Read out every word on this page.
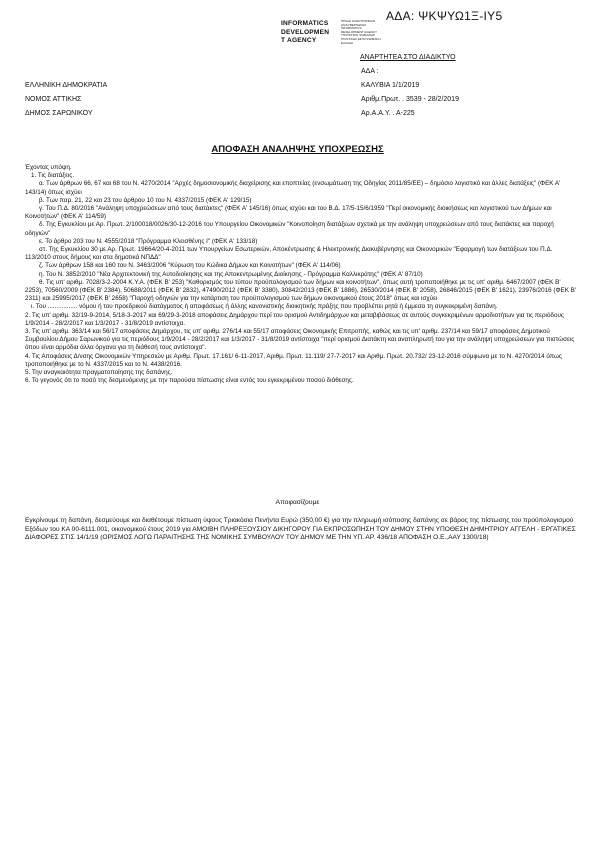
ΑΔΑ: ΨΚΨΥΩ1Ξ-ΙΥ5
INFORMATICS
DEVELOPMEN
T AGENCY
ΠΡΑΞΗ ΗΛΕΚΤΡΟΝΙΚΗΣ ΔΙΑΚΥΒΕΡΝΗΣΗΣ INFORMATICS DEVELOPMENT AGENCY ΥΠΟΥΡΓΕΙΟ ΨΗΦΙΑΚΗΣ ΠΟΛΙΤΙΚΗΣ ΕΣΠΑ ΨΗΦΙΑΚΗ ΕΛΛΑΔΑ
ΑΝΑΡΤΗΤΕΑ ΣΤΟ ΔΙΑΔΙΚΤΥΟ
ΕΛΛΗΝΙΚΗ ΔΗΜΟΚΡΑΤΙΑ
ΝΟΜΟΣ ΑΤΤΙΚΗΣ
ΔΗΜΟΣ ΣΑΡΩΝΙΚΟΥ
ΑΔΑ :
ΚΑΛΥΒΙΑ 1/1/2019
Αριθμ.Πρωτ. . 3539 - 28/2/2019
Αρ.Α.Α.Υ. . Α-225
ΑΠΟΦΑΣΗ ΑΝΑΛΗΨΗΣ ΥΠΟΧΡΕΩΣΗΣ

Έχοντας υπόψη.

1. Τις διατάξεις.

α. Των άρθρων 66, 67 και 68 του Ν. 4270/2014 "Αρχές δημοσιονομικής διαχείρισης και εποπτείας (ενσωμάτωση της Οδηγίας 2011/85/ΕΕ) – δημόσιο λογιστικό και άλλες διατάξεις" (ΦΕΚ Α' 143/14) όπως ισχύει

β. Των παρ. 21, 22 και 23 του άρθρου 10 του Ν. 4337/2015 (ΦΕΚ Α' 129/15)

γ. Του Π.Δ. 80/2016 "Ανάληψη υποχρεώσεων από τους διατάκτες" (ΦΕΚ Α' 145/16) όπως ισχύει και του Β.Δ. 17/5-15/6/1959 "Περί οικονομικής διοικήσεως και λογιστικού των Δήμων και Κοινοτήτων" (ΦΕΚ Α' 114/59)

δ. Της Εγκυκλίου με Αρ. Πρωτ. 2/100018/0026/30-12-2016 του Υπουργείου Οικονομικών "Κοινοποίηση διατάξεων σχετικά με την ανάληψη υποχρεώσεων από τους διατάκτες και παροχή οδηγιών"

ε. Το άρθρο 203 του Ν. 4555/2018 "Πρόγραμμα Κλεισθένης Ι" (ΦΕΚ Α' 133/18)

στ. Της Εγκυκλίου 30 με Αρ. Πρωτ. 19664/20-4-2011 των Υπουργείων Εσωτερικών, Αποκέντρωσης & Ηλεκτρονικής Διακυβέρνησης και Οικονομικών "Εφαρμογή των διατάξεων του Π.Δ. 113/2010 στους δήμους και στα δημοτικά ΝΠΔΔ"

ζ. Των άρθρων 158 και 160 του Ν. 3463/2006 "Κύρωση του Κώδικα Δήμων και Κοινοτήτων" (ΦΕΚ Α' 114/06)

η. Του Ν. 3852/2010 "Νέα Αρχιτεκτονική της Αυτοδιοίκησης και της Αποκεντρωμένης Διοίκησης - Πρόγραμμα Καλλικράτης" (ΦΕΚ Α' 87/10)

θ. Τις υπ' αριθμ. 7028/3-2-2004 Κ.Υ.Α. (ΦΕΚ Β' 253) "Καθορισμός του τύπου προϋπολογισμού των δήμων και κοινοτήτων", όπως αυτή τροποποιήθηκε με τις υπ' αριθμ. 6467/2007 (ΦΕΚ Β' 2253), 70560/2009 (ΦΕΚ Β' 2384), 50688/2011 (ΦΕΚ Β' 2832), 47490/2012 (ΦΕΚ Β' 3380), 30842/2013 (ΦΕΚ Β' 1886), 26530/2014 (ΦΕΚ Β' 2058), 26846/2015 (ΦΕΚ Β' 1621), 23976/2016 (ΦΕΚ Β' 2311) και 25995/2017 (ΦΕΚ Β' 2658) "Παροχή οδηγιών για την κατάρτιση του προϋπολογισμού των δήμων οικονομικού έτους 2018" όπως και ισχύει

ι. Του ................. νόμου ή του προεδρικού διατάγματος ή αποφάσεως ή άλλης κανονιστικής διοικητικής πράξης που προβλέπει ρητά ή έμμεσα τη συγκεκριμένη δαπάνη.

2. Τις υπ' αριθμ. 32/19-9-2014, 5/18-3-2017 και 69/29-3-2018 αποφάσεις Δημάρχου περί του ορισμού Αντιδημάρχων και μεταβιβάσεως σε αυτούς συγκεκριμένων αρμοδιοτήτων για τις περιόδους 1/9/2014 - 28/2/2017 και 1/3/2017 - 31/8/2019 αντίστοιχα.

3. Τις υπ' αριθμ. 363/14 και 56/17 αποφάσεις Δημάρχου, τις υπ' αριθμ. 276/14 και 55/17 αποφάσεις Οικονομικής Επιτροπής, καθώς και τις υπ' αριθμ. 237/14 και 59/17 αποφάσεις Δημοτικού Συμβουλίου Δήμου Σαρωνικού για τις περιόδους 1/9/2014 - 28/2/2017 και 1/3/2017 - 31/8/2019 αντίστοιχα "περί ορισμού Διατάκτη και αναπληρωτή του για την ανάληψη υποχρεώσεων για πιστώσεις όπου είναι αρμόδια άλλα όργανα για τη διάθεσή τους αντίστοιχα".

4. Τις Αποφάσεις Δ/νσης Οικονομικών Υπηρεσιών με Αριθμ. Πρωτ. 17.161/ 6-11-2017, Αριθμ. Πρωτ. 11.119/ 27-7-2017 και Αριθμ. Πρωτ. 20.732/ 23-12-2016 σύμφωνα με το Ν. 4270/2014 όπως τροποποιήθηκε με το Ν. 4337/2015 και το Ν. 4438/2016.

5. Την αναγκαιότητα πραγματοποίησης της δαπάνης.

6. Το γεγονός ότι το ποσό της δεσμευόμενης με την παρούσα πίστωσης είναι εντός του εγκεκριμένου ποσού διάθεσης.

Αποφασίζουμε
Εγκρίνουμε τη δαπάνη, δεσμεύουμε και διαθέτουμε πίστωση ύψους Τριακόσια Πενήντα Ευρώ (350,00 €) για την πληρωμή ισόποσης δαπάνης σε βάρος της πίστωσης του προϋπολογισμού Εξόδων του ΚΑ 00-6111.001, οικονομικού έτους 2019 για ΑΜΟΙΒΗ ΠΛΗΡΕΞΟΥΣΙΟΥ ΔΙΚΗΓΟΡΟΥ ΓΙΑ ΕΚΠΡΟΣΩΠΗΣΗ ΤΟΥ ΔΗΜΟΥ ΣΤΗΝ ΥΠΟΘΕΣΗ ΔΗΜΗΤΡΙΟΥ ΑΓΓΕΛΗ - ΕΡΓΑΤΙΚΕΣ ΔΙΑΦΟΡΕΣ ΣΤΙΣ 14/1/19 (ΟΡΙΣΜΟΣ ΛΟΓΩ ΠΑΡΑΙΤΗΣΗΣ ΤΗΣ ΝΟΜΙΚΗΣ ΣΥΜΒΟΥΛΟΥ ΤΟΥ ΔΗΜΟΥ ΜΕ ΤΗΝ ΥΠ. ΑΡ. 436/18 ΑΠΟΦΑΣΗ Ο.Ε.,ΑΑΥ 1300/18)
